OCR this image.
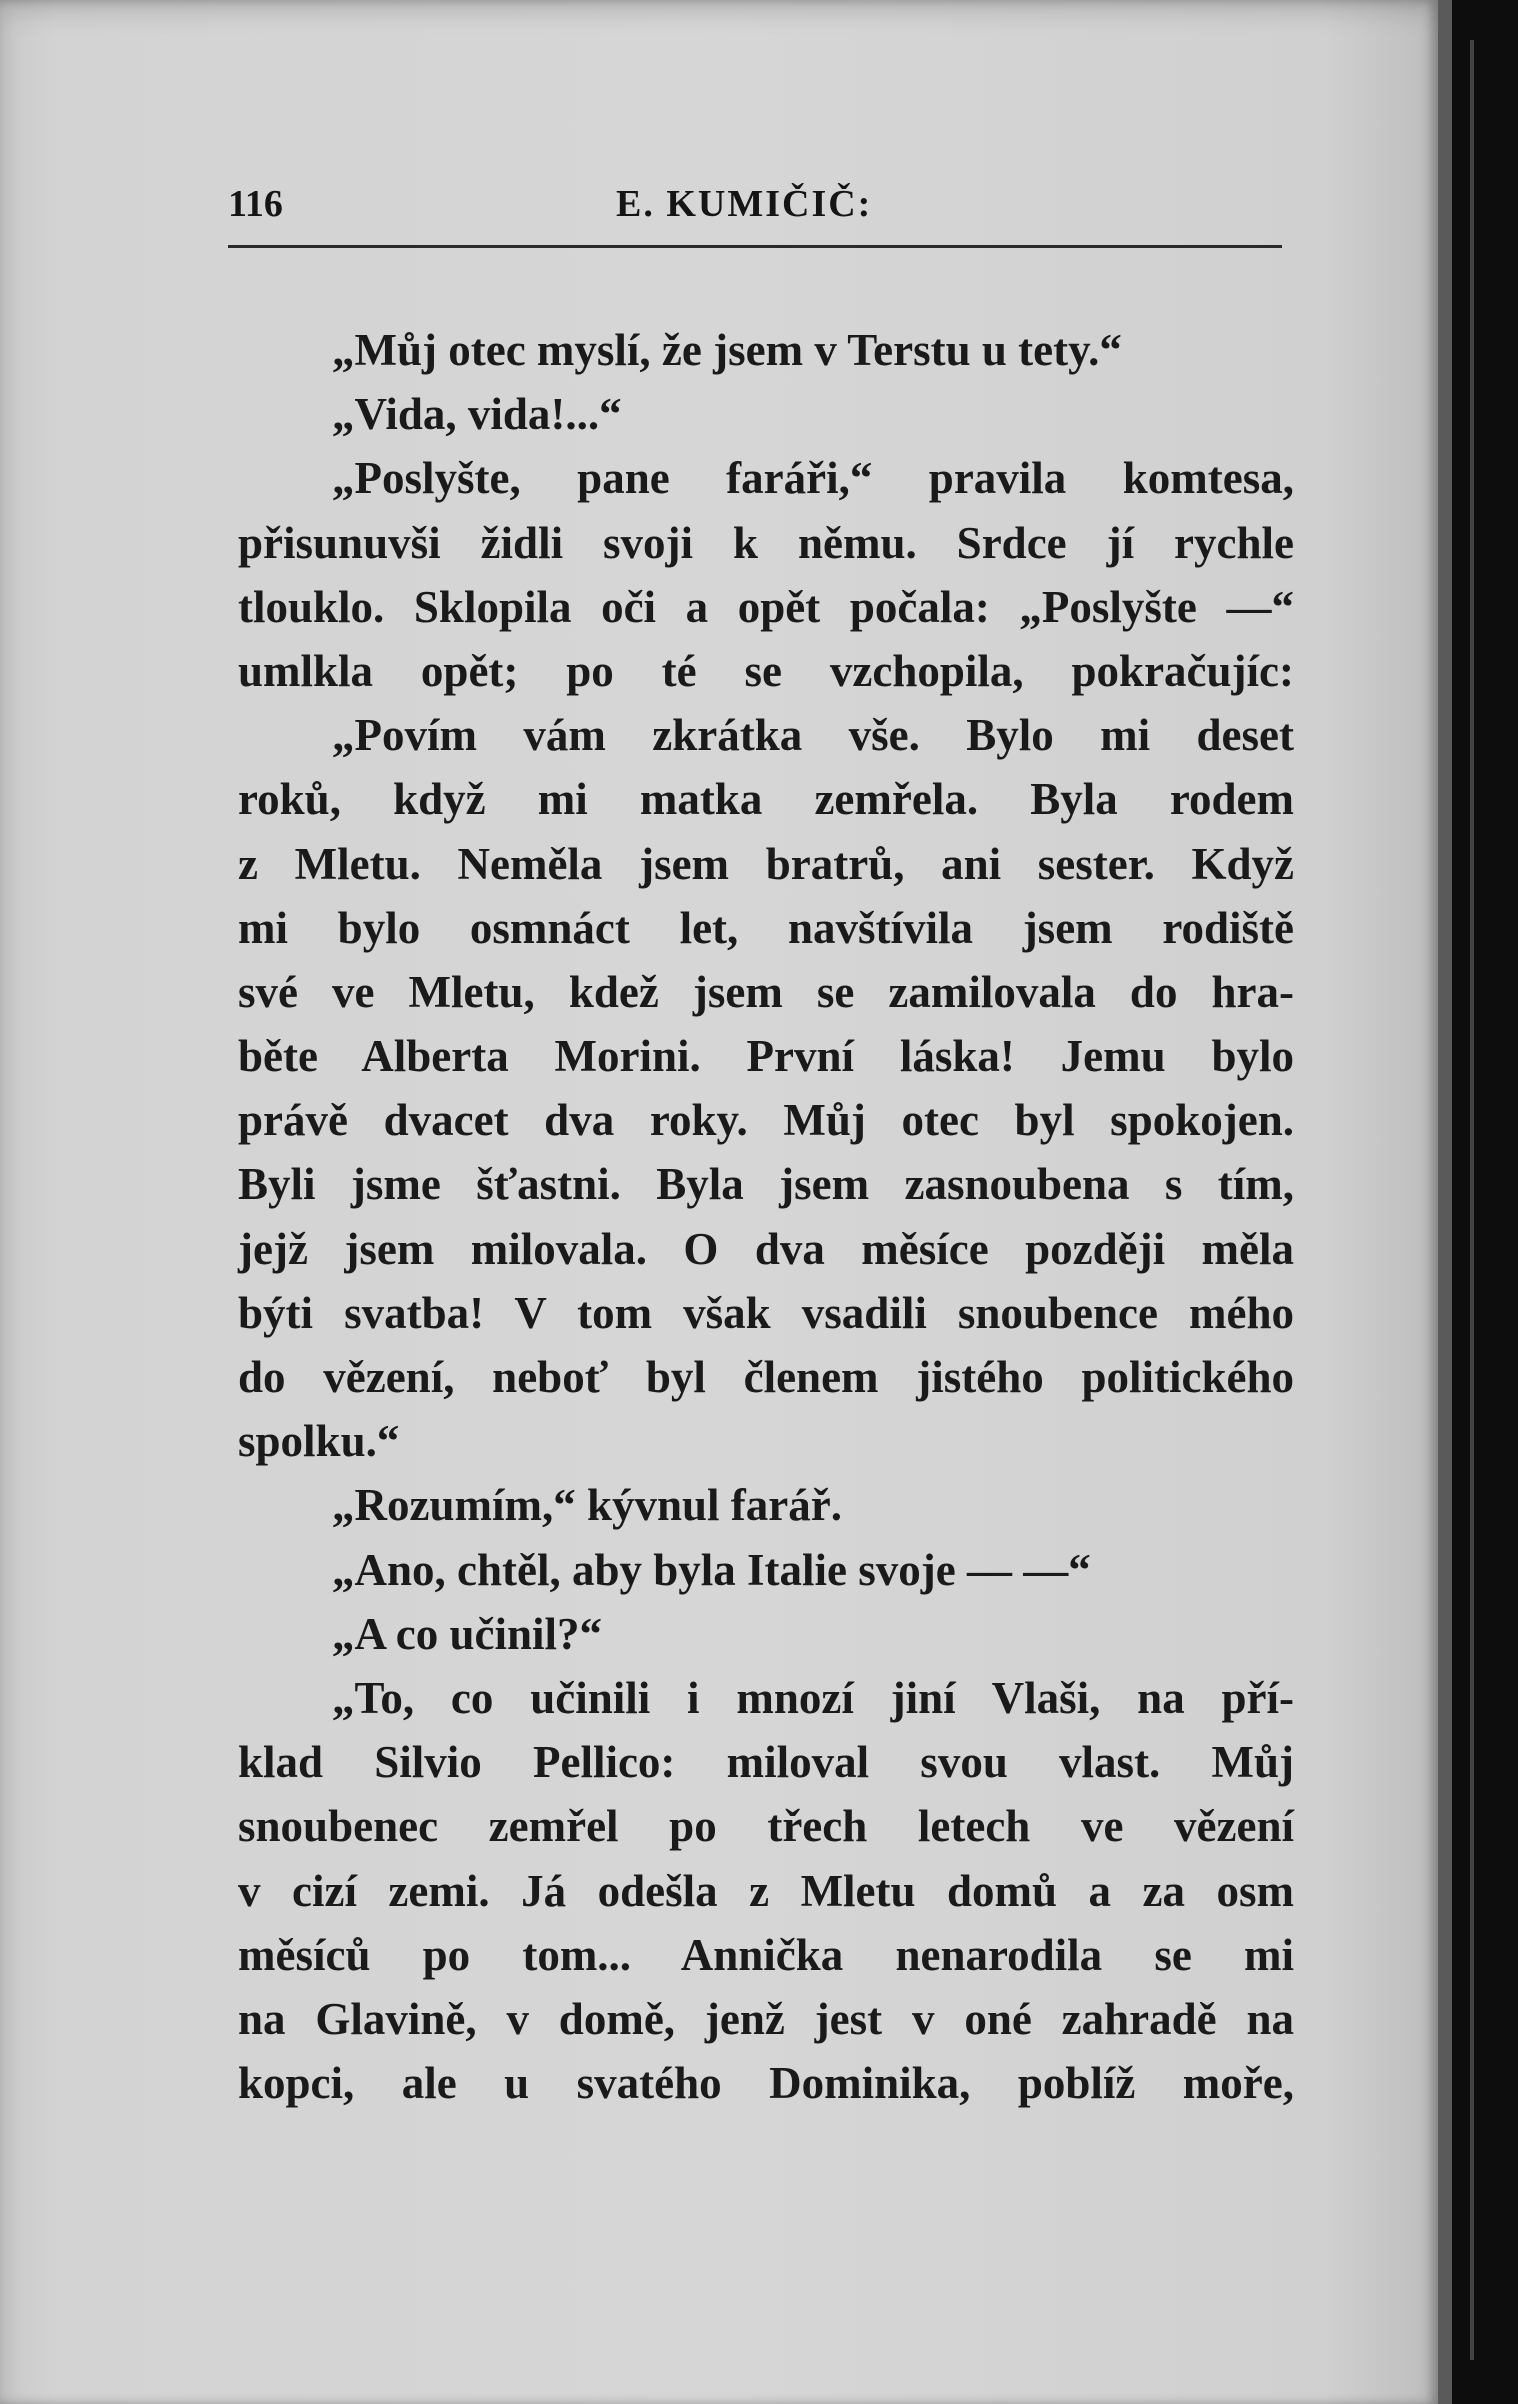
116	E. KUMIČIČ:
„Můj otec myslí, že jsem v Terstu u tety.“
„Vida, vida!...“
„Poslyšte, pane faráři,“ pravila komtesa,
přisunuvši židli svoji k němu. Srdce jí rychle
tlouklo. Sklopila oči a opět počala: „Poslyšte —“
umlkla opět; po té se vzchopila, pokračujíc:
„Povím vám zkrátka vše. Bylo mi deset
roků, když mi matka zemřela. Byla rodem
z Mletu. Neměla jsem bratrů, ani sester. Když
mi bylo osmnáct let, navštívila jsem rodiště
své ve Mletu, kdež jsem se zamilovala do hra-
běte Alberta Morini. První láska! Jemu bylo
právě dvacet dva roky. Můj otec byl spokojen.
Byli jsme šťastni. Byla jsem zasnoubena s tím,
jejž jsem milovala. O dva měsíce později měla
býti svatba! V tom však vsadili snoubence mého
do vězení, neboť byl členem jistého politického
spolku.“
„Rozumím,“ kývnul farář.
„Ano, chtěl, aby byla Italie svoje — —“
„A co učinil?“
„To, co učinili i mnozí jiní Vlaši, na pří-
klad Silvio Pellico: miloval svou vlast. Můj
snoubenec zemřel po třech letech ve vězení
v cizí zemi. Já odešla z Mletu domů a za osm
měsíců po tom... Annička nenarodila se mi
na Glavině, v domě, jenž jest v oné zahradě na
kopci, ale u svatého Dominika, poblíž moře,
